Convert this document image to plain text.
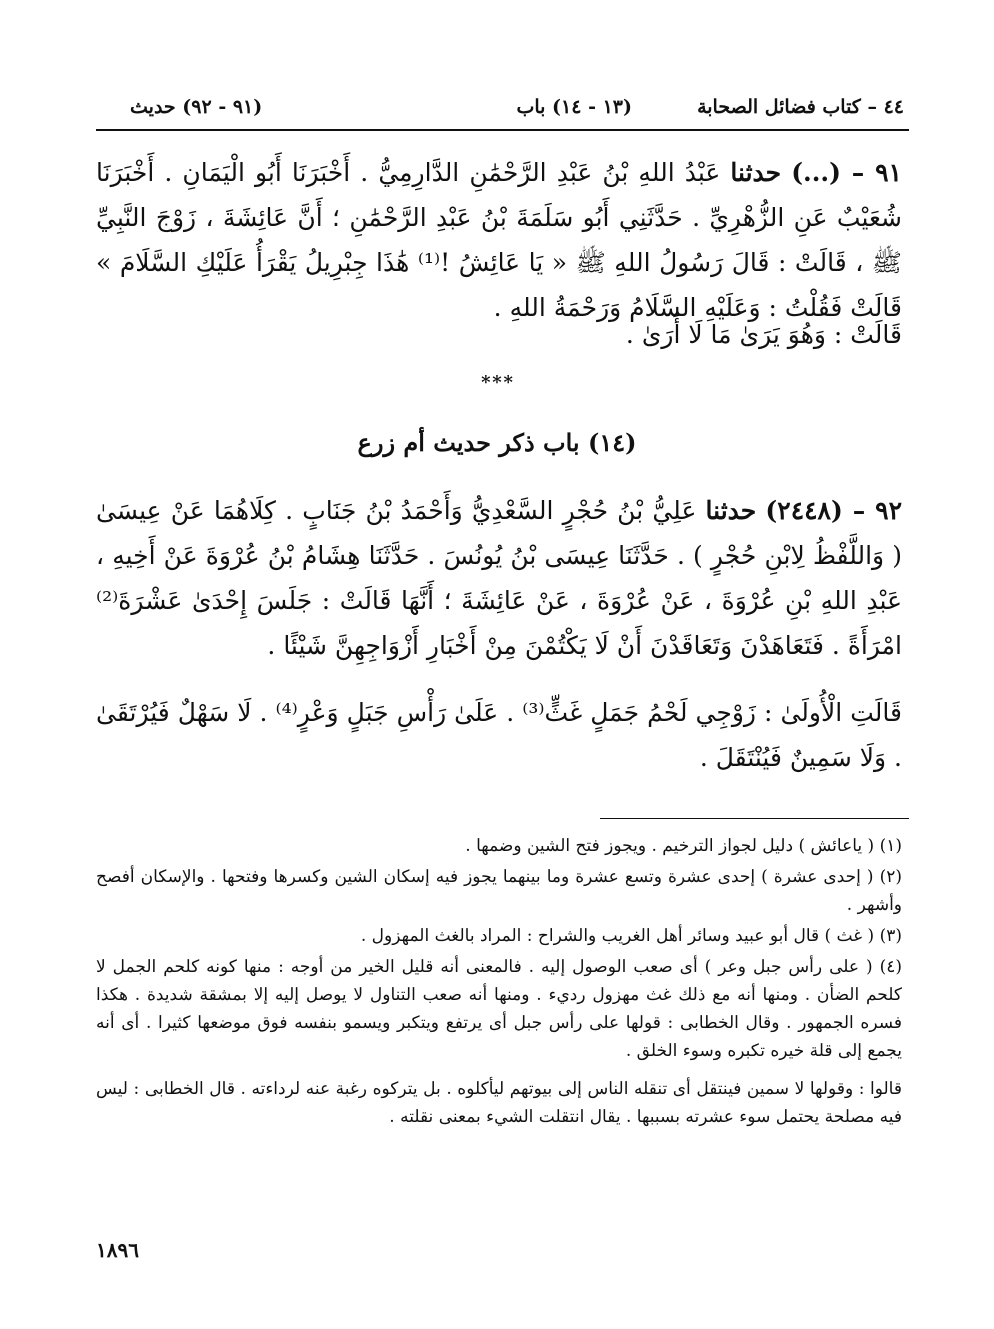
٤٤ – كتاب فضائل الصحابة
(١٣ - ١٤) باب
(٩١ - ٩٢) حديث
٩١ – (...) حدثنا عَبْدُ اللهِ بْنُ عَبْدِ الرَّحْمَٰنِ الدَّارِمِيُّ . أَخْبَرَنَا أَبُو الْيَمَانِ . أَخْبَرَنَا شُعَيْبٌ عَنِ الزُّهْرِيِّ . حَدَّثَنِي أَبُو سَلَمَةَ بْنُ عَبْدِ الرَّحْمَٰنِ ؛ أَنَّ عَائِشَةَ ، زَوْجَ النَّبِيِّ ﷺ ، قَالَتْ : قَالَ رَسُولُ اللهِ ﷺ « يَا عَائِشُ !⁽¹⁾ هَٰذَا جِبْرِيلُ يَقْرَأُ عَلَيْكِ السَّلَامَ » قَالَتْ فَقُلْتُ : وَعَلَيْهِ السَّلَامُ وَرَحْمَةُ اللهِ .
قَالَتْ : وَهُوَ يَرَىٰ مَا لَا أَرَىٰ .
* * *
(١٤) باب ذكر حديث أم زرع
٩٢ – (٢٤٤٨) حدثنا عَلِيُّ بْنُ حُجْرٍ السَّعْدِيُّ وَأَحْمَدُ بْنُ جَنَابٍ . كِلَاهُمَا عَنْ عِيسَىٰ ( وَاللَّفْظُ لِابْنِ حُجْرٍ ) . حَدَّثَنَا عِيسَى بْنُ يُونُسَ . حَدَّثَنَا هِشَامُ بْنُ عُرْوَةَ عَنْ أَخِيهِ ، عَبْدِ اللهِ بْنِ عُرْوَةَ ، عَنْ عُرْوَةَ ، عَنْ عَائِشَةَ ؛ أَنَّهَا قَالَتْ : جَلَسَ إِحْدَىٰ عَشْرَةَ⁽²⁾ امْرَأَةً . فَتَعَاهَدْنَ وَتَعَاقَدْنَ أَنْ لَا يَكْتُمْنَ مِنْ أَخْبَارِ أَزْوَاجِهِنَّ شَيْئًا .
قَالَتِ الْأُولَىٰ : زَوْجِي لَحْمُ جَمَلٍ غَثٍّ⁽³⁾ . عَلَىٰ رَأْسِ جَبَلٍ وَعْرٍ⁽⁴⁾ . لَا سَهْلٌ فَيُرْتَقَىٰ . وَلَا سَمِينٌ فَيُنْتَقَلَ .

(١) ( ياعائش ) دليل لجواز الترخيم . ويجوز فتح الشين وضمها .

(٢) ( إحدى عشرة ) إحدى عشرة وتسع عشرة وما بينهما يجوز فيه إسكان الشين وكسرها وفتحها . والإسكان أفصح وأشهر .

(٣) ( غث ) قال أبو عبيد وسائر أهل الغريب والشراح : المراد بالغث المهزول .

(٤) ( على رأس جبل وعر ) أى صعب الوصول إليه . فالمعنى أنه قليل الخير من أوجه : منها كونه كلحم الجمل لا كلحم الضأن . ومنها أنه مع ذلك غث مهزول رديء . ومنها أنه صعب التناول لا يوصل إليه إلا بمشقة شديدة . هكذا فسره الجمهور . وقال الخطابى : قولها على رأس جبل أى يرتفع ويتكبر ويسمو بنفسه فوق موضعها كثيرا . أى أنه يجمع إلى قلة خيره تكبره وسوء الخلق .

قالوا : وقولها لا سمين فينتقل أى تنقله الناس إلى بيوتهم ليأكلوه . بل يتركوه رغبة عنه لرداءته . قال الخطابى : ليس فيه مصلحة يحتمل سوء عشرته بسببها . يقال انتقلت الشيء بمعنى نقلته .

١٨٩٦
